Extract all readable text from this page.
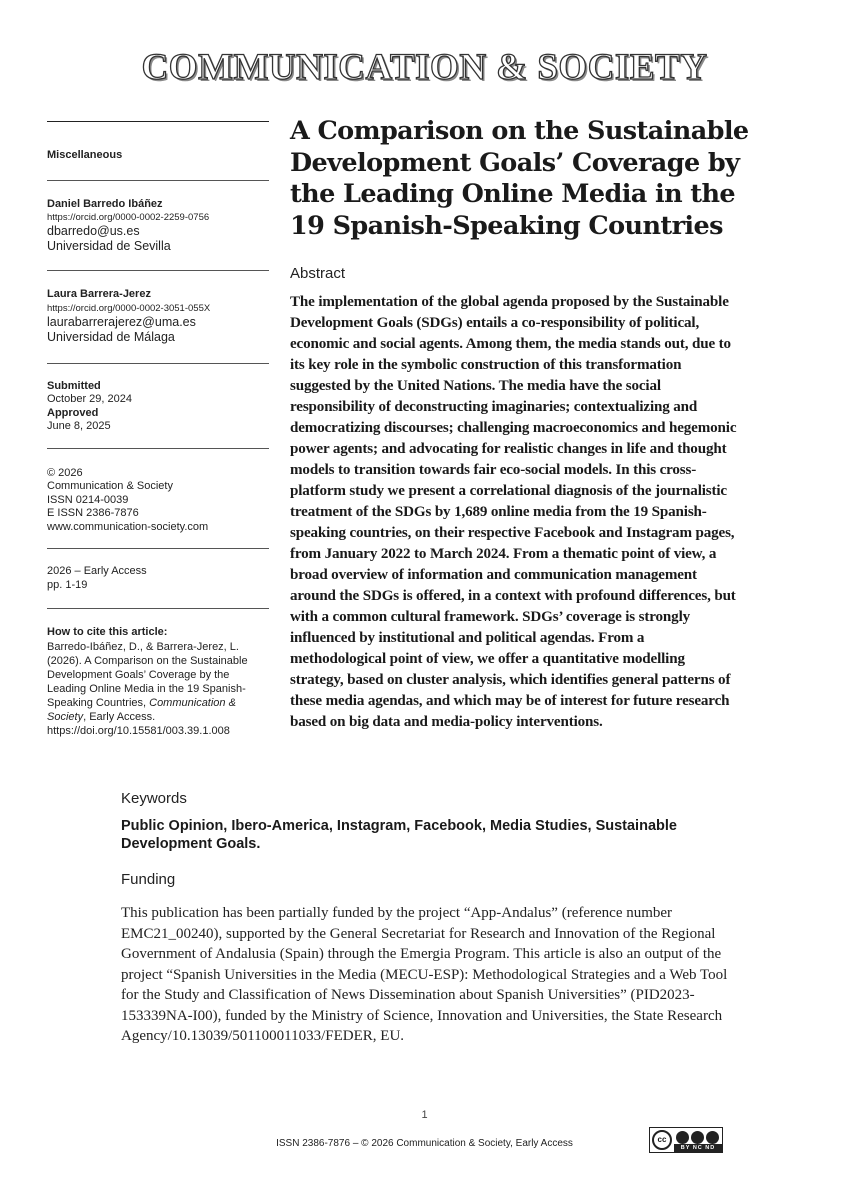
COMMUNICATION & SOCIETY
Miscellaneous
Daniel Barredo Ibáñez
https://orcid.org/0000-0002-2259-0756
dbarredo@us.es
Universidad de Sevilla
Laura Barrera-Jerez
https://orcid.org/0000-0002-3051-055X
laurabarrerajerez@uma.es
Universidad de Málaga
Submitted
October 29, 2024
Approved
June 8, 2025
© 2026
Communication & Society
ISSN 0214-0039
E ISSN 2386-7876
www.communication-society.com
2026 – Early Access
pp. 1-19
How to cite this article:
Barredo-Ibáñez, D., & Barrera-Jerez, L. (2026). A Comparison on the Sustainable Development Goals’ Coverage by the Leading Online Media in the 19 Spanish-Speaking Countries, Communication & Society, Early Access. https://doi.org/10.15581/003.39.1.008
A Comparison on the Sustainable Development Goals’ Coverage by the Leading Online Media in the 19 Spanish-Speaking Countries
Abstract

The implementation of the global agenda proposed by the Sustainable Development Goals (SDGs) entails a co-responsibility of political, economic and social agents. Among them, the media stands out, due to its key role in the symbolic construction of this transformation suggested by the United Nations. The media have the social responsibility of deconstructing imaginaries; contextualizing and democratizing discourses; challenging macroeconomics and hegemonic power agents; and advocating for realistic changes in life and thought models to transition towards fair eco-social models. In this cross-platform study we present a correlational diagnosis of the journalistic treatment of the SDGs by 1,689 online media from the 19 Spanish-speaking countries, on their respective Facebook and Instagram pages, from January 2022 to March 2024. From a thematic point of view, a broad overview of information and communication management around the SDGs is offered, in a context with profound differences, but with a common cultural framework. SDGs’ coverage is strongly influenced by institutional and political agendas. From a methodological point of view, we offer a quantitative modelling strategy, based on cluster analysis, which identifies general patterns of these media agendas, and which may be of interest for future research based on big data and media-policy interventions.

Keywords

Public Opinion, Ibero-America, Instagram, Facebook, Media Studies, Sustainable Development Goals.

Funding

This publication has been partially funded by the project “App-Andalus” (reference number EMC21_00240), supported by the General Secretariat for Research and Innovation of the Regional Government of Andalusia (Spain) through the Emergia Program. This article is also an output of the project “Spanish Universities in the Media (MECU-ESP): Methodological Strategies and a Web Tool for the Study and Classification of News Dissemination about Spanish Universities” (PID2023-153339NA-I00), funded by the Ministry of Science, Innovation and Universities, the State Research Agency/10.13039/501100011033/FEDER, EU.

1
ISSN 2386-7876 – © 2026 Communication & Society, Early Access	cc
BY NC ND
